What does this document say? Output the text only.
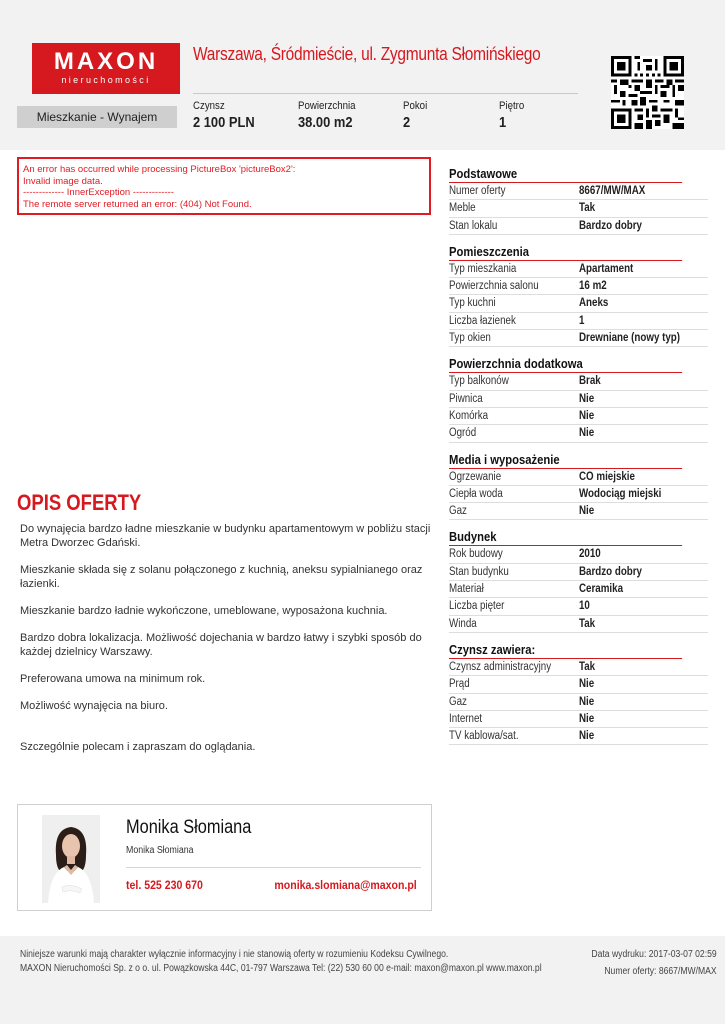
MAXON
nieruchomości
Warszawa, Śródmieście, ul. Zygmunta Słomińskiego
Mieszkanie - Wynajem
Czynsz
2 100 PLN
Powierzchnia
38.00 m2
Pokoi
2
Piętro
1
An error has occurred while processing PictureBox 'pictureBox2':
Invalid image data.
------------- InnerException -------------
The remote server returned an error: (404) Not Found.
Podstawowe
Numer oferty	8667/MW/MAX
Meble	Tak
Stan lokalu	Bardzo dobry
Pomieszczenia
Typ mieszkania	Apartament
Powierzchnia salonu	16 m2
Typ kuchni	Aneks
Liczba łazienek	1
Typ okien	Drewniane (nowy typ)
Powierzchnia dodatkowa
Typ balkonów	Brak
Piwnica	Nie
Komórka	Nie
Ogród	Nie
Media i wyposażenie
Ogrzewanie	CO miejskie
Ciepła woda	Wodociąg miejski
Gaz	Nie
Budynek
Rok budowy	2010
Stan budynku	Bardzo dobry
Materiał	Ceramika
Liczba pięter	10
Winda	Tak
Czynsz zawiera:
Czynsz administracyjny Tak
Prąd	Nie
Gaz	Nie
Internet	Nie
TV kablowa/sat.	Nie
OPIS OFERTY

Do wynajęcia bardzo ładne mieszkanie w budynku apartamentowym w pobliżu stacji Metra Dworzec Gdański.

Mieszkanie składa się z solanu połączonego z kuchnią, aneksu sypialnianego oraz łazienki.

Mieszkanie bardzo ładnie wykończone, umeblowane, wyposażona kuchnia.

Bardzo dobra lokalizacja. Możliwość dojechania w bardzo łatwy i szybki sposób do każdej dzielnicy Warszawy.

Preferowana umowa na minimum rok.

Możliwość wynajęcia na biuro.

Szczególnie polecam i zapraszam do oglądania.

Monika Słomiana
Monika Słomiana
tel. 525 230 670	monika.slomiana@maxon.pl
Niniejsze warunki mają charakter wyłącznie informacyjny i nie stanowią oferty w rozumieniu Kodeksu Cywilnego.
MAXON Nieruchomości Sp. z o o. ul. Powązkowska 44C, 01-797 Warszawa Tel: (22) 530 60 00 e-mail: maxon@maxon.pl www.maxon.pl
Data wydruku: 2017-03-07 02:59
Numer oferty: 8667/MW/MAX
